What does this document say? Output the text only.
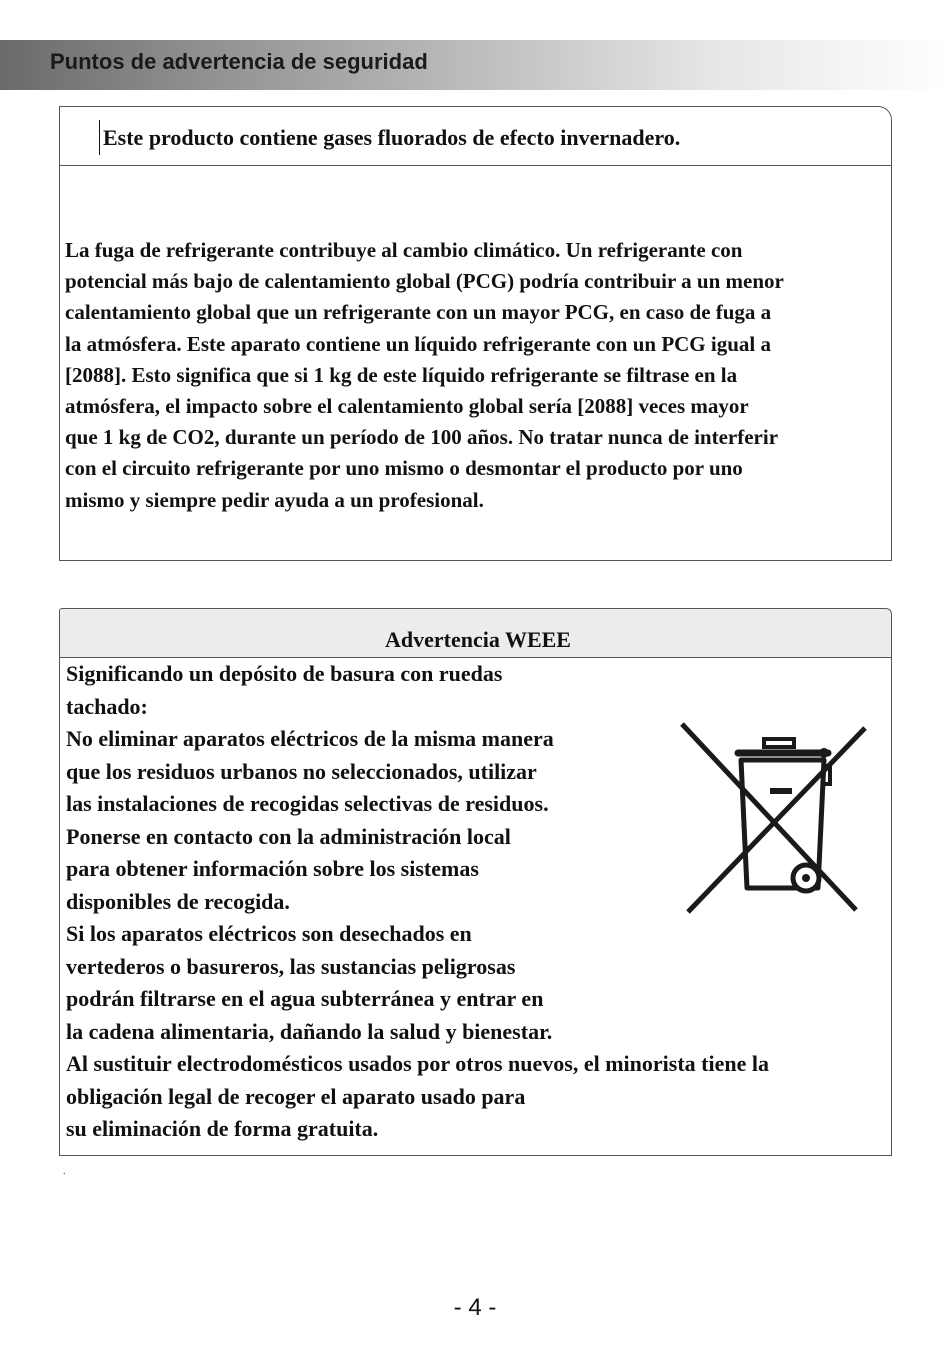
Puntos de advertencia de seguridad
Este producto contiene gases fluorados de efecto invernadero.
La fuga de refrigerante contribuye al cambio climático. Un refrigerante con
potencial más bajo de calentamiento global (PCG) podría contribuir a un menor
calentamiento global que un refrigerante con un mayor PCG, en caso de fuga a
la atmósfera. Este aparato contiene un líquido refrigerante con un PCG igual a
[2088]. Esto significa que si 1 kg de este líquido refrigerante se filtrase en la
atmósfera, el impacto sobre el calentamiento global sería [2088] veces mayor
que 1 kg de CO2, durante un período de 100 años. No tratar nunca de interferir
con el circuito refrigerante por uno mismo o desmontar el producto por uno
mismo y siempre pedir ayuda a un profesional.
Advertencia WEEE
Significando un depósito de basura con ruedas
tachado:
No eliminar aparatos eléctricos de la misma manera
que los residuos urbanos no seleccionados, utilizar
las instalaciones de recogidas selectivas de residuos.
Ponerse en contacto con la administración local
para obtener información sobre los sistemas
disponibles de recogida.
Si los aparatos eléctricos son desechados en
vertederos o basureros, las sustancias peligrosas
podrán filtrarse en el agua subterránea y entrar en
la cadena alimentaria, dañando la salud y bienestar.
Al sustituir electrodomésticos usados por otros nuevos, el minorista tiene la
obligación legal de recoger el aparato usado para
su eliminación de forma gratuita.
.
- 4 -
